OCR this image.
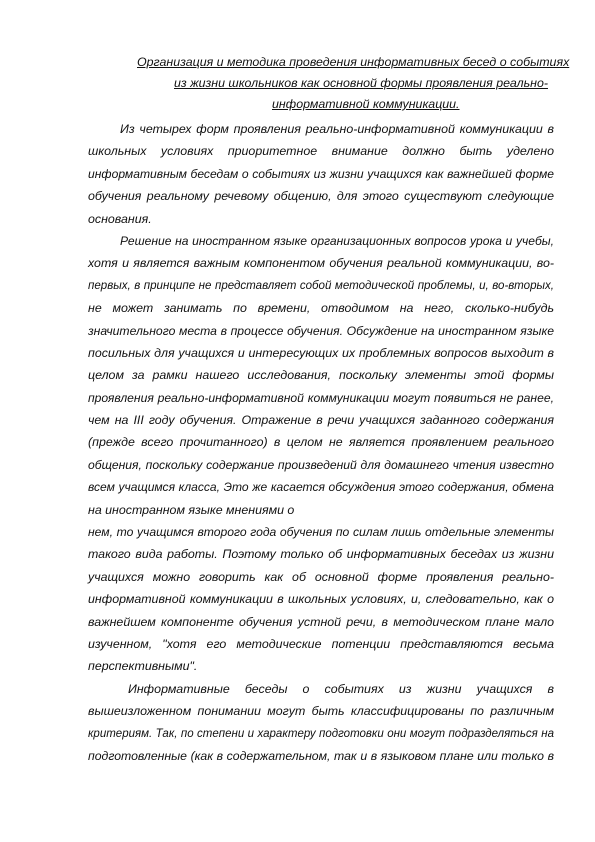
Организация и методика проведения информативных бесед о событиях
из жизни школьников как основной формы проявления реально-
информативной коммуникации.
Из четырех форм проявления реально-информативной коммуникации в
школьных условиях приоритетное внимание должно быть уделено
информативным беседам о событиях из жизни учащихся как важнейшей форме
обучения реальному речевому общению, для этого существуют следующие
основания.
Решение на иностранном языке организационных вопросов урока и учебы,
хотя и является важным компонентом обучения реальной коммуникации, во-
первых, в принципе не представляет собой методической проблемы, и, во-вторых,
не может занимать по времени, отводимом на него, сколько-нибудь
значительного места в процессе обучения. Обсуждение на иностранном языке
посильных для учащихся и интересующих их проблемных вопросов выходит в
целом за рамки нашего исследования, поскольку элементы этой формы
проявления реально-информативной коммуникации могут появиться не ранее,
чем на III году обучения. Отражение в речи учащихся заданного содержания
(прежде всего прочитанного) в целом не является проявлением реального
общения, поскольку содержание произведений для домашнего чтения известно
всем учащимся класса, Это же касается обсуждения этого содержания, обмена
на иностранном языке мнениями о
нем, то учащимся второго года обучения по силам лишь отдельные элементы
такого вида работы. Поэтому только об информативных беседах из жизни
учащихся можно говорить как об основной форме проявления реально-
информативной коммуникации в школьных условиях, и, следовательно, как о
важнейшем компоненте обучения устной речи, в методическом плане мало
изученном, "хотя его методические потенции представляются весьма
перспективными".
Информативные беседы о событиях из жизни учащихся в
вышеизложенном понимании могут быть классифицированы по различным
критериям. Так, по степени и характеру подготовки они могут подразделяться на
подготовленные (как в содержательном, так и в языковом плане или только в
